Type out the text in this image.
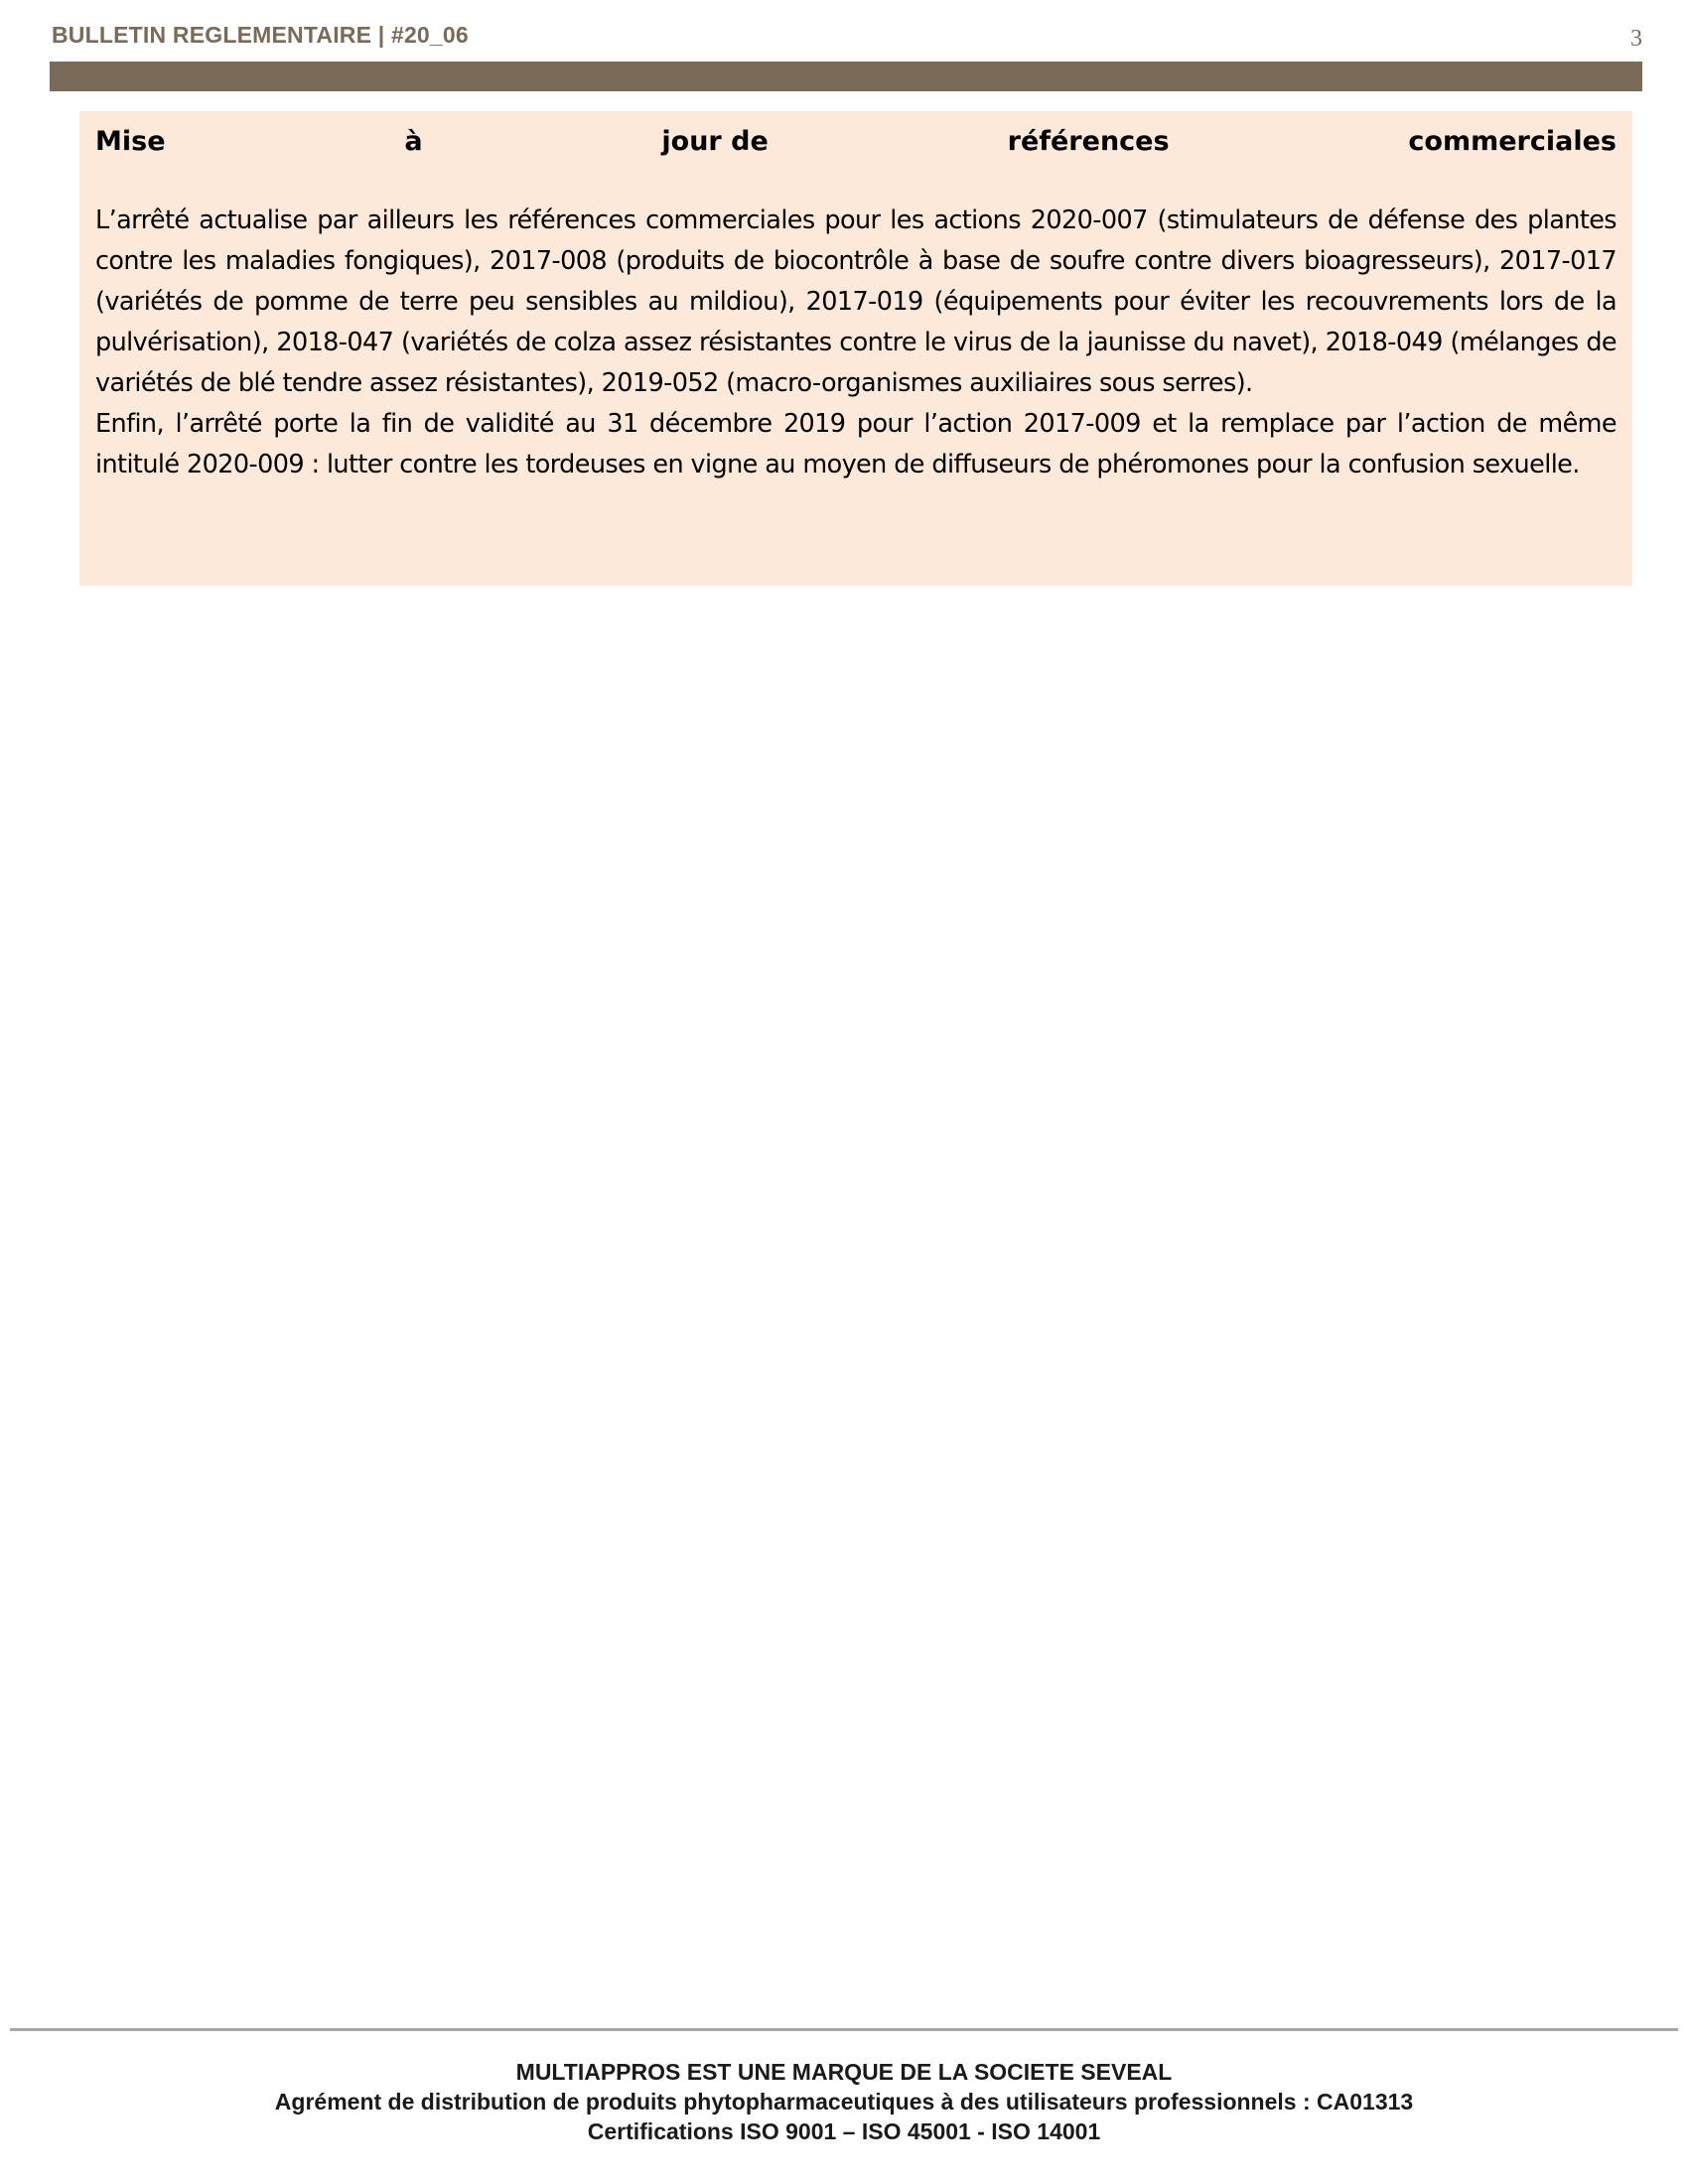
BULLETIN REGLEMENTAIRE | #20_06	3
Mise	à	jour de	références	commerciales

L’arrêté actualise par ailleurs les références commerciales pour les actions 2020-007 (stimulateurs de défense des plantes contre les maladies fongiques), 2017-008 (produits de biocontrôle à base de soufre contre divers bioagresseurs), 2017-017 (variétés de pomme de terre peu sensibles au mildiou), 2017-019 (équipements pour éviter les recouvrements lors de la pulvérisation), 2018-047 (variétés de colza assez résistantes contre le virus de la jaunisse du navet), 2018-049 (mélanges de variétés de blé tendre assez résistantes), 2019-052 (macro-organismes auxiliaires sous serres).

Enfin, l’arrêté porte la fin de validité au 31 décembre 2019 pour l’action 2017-009 et la remplace par l’action de même intitulé 2020-009 : lutter contre les tordeuses en vigne au moyen de diffuseurs de phéromones pour la confusion sexuelle.

MULTIAPPROS EST UNE MARQUE DE LA SOCIETE SEVEAL
Agrément de distribution de produits phytopharmaceutiques à des utilisateurs professionnels : CA01313
Certifications ISO 9001 – ISO 45001 - ISO 14001
